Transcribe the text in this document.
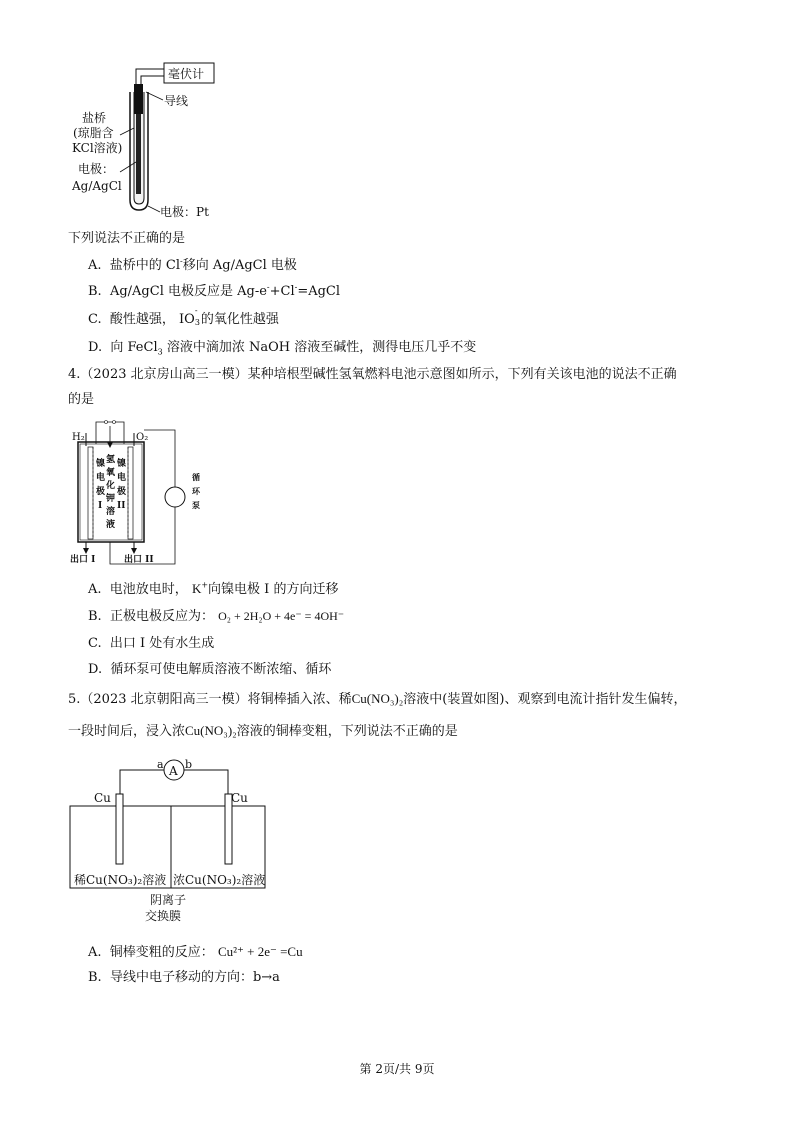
毫伏计
导线
盐桥
(琼脂含
KCl溶液)
电极：
Ag/AgCl
电极：Pt
下列说法不正确的是
A. 盐桥中的 Cl-移向 Ag/AgCl 电极
B. Ag/AgCl 电极反应是 Ag-e-+Cl-=AgCl
C. 酸性越强， IO
-
3 的氧化性越强
D. 向 FeCl$_3$ 溶液中滴加浓 NaOH 溶液至碱性，测得电压几乎不变
4.（2023 北京房山高三一模）某种培根型碱性氢氧燃料电池示意图如所示，下列有关该电池的说法不正确
的是
H₂	O₂
出口 I	出口 II
镍
电
极
I
氢
氧
化
钾
溶
液
镍
电
极
II
循
环
泵
A. 电池放电时， K+向镍电极 I 的方向迁移
B. 正极电极反应为： O₂ + 2H₂O + 4e⁻ = 4OH⁻
C. 出口 I 处有水生成
D. 循环泵可使电解质溶液不断浓缩、循环
5.（2023 北京朝阳高三一模）将铜棒插入浓、稀Cu(NO₃)₂溶液中(装置如图)、观察到电流计指针发生偏转，
一段时间后，浸入浓Cu(NO₃)₂溶液的铜棒变粗，下列说法不正确的是
A
a b
Cu	Cu
稀Cu(NO₃)₂溶液 浓Cu(NO₃)₂溶液
阴离子
交换膜
A. 铜棒变粗的反应： Cu²⁺ + 2e⁻ =Cu
B. 导线中电子移动的方向：b→a
第 2页/共 9页
